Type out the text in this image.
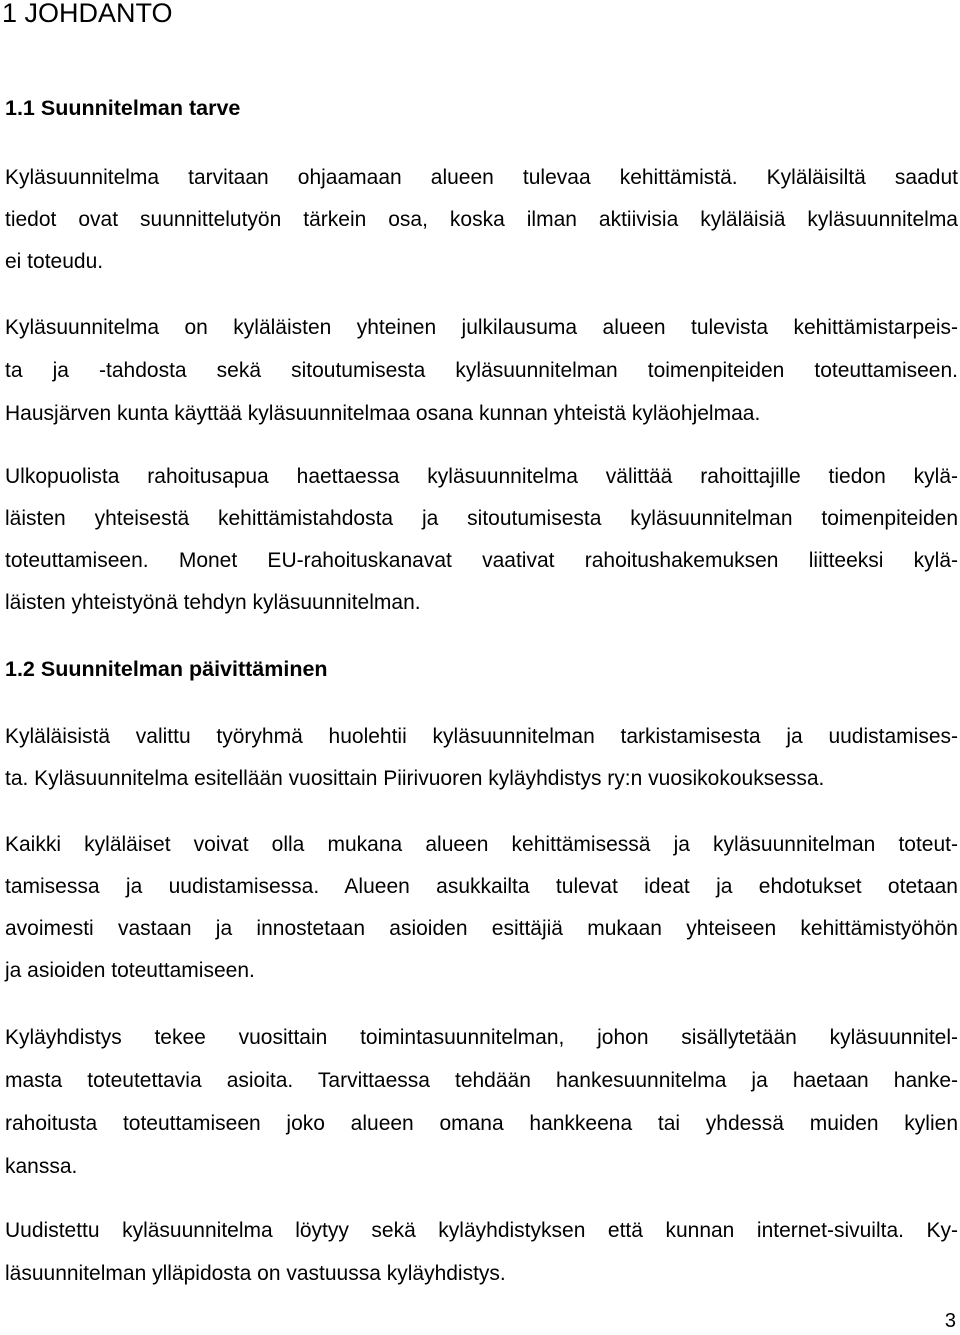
1 JOHDANTO
1.1 Suunnitelman tarve

Kyläsuunnitelma tarvitaan ohjaamaan alueen tulevaa kehittämistä. Kyläläisiltä saadut
tiedot ovat suunnittelutyön tärkein osa, koska ilman aktiivisia kyläläisiä kyläsuunnitelma
ei toteudu.

Kyläsuunnitelma on kyläläisten yhteinen julkilausuma alueen tulevista kehittämistarpeis-
ta ja -tahdosta sekä sitoutumisesta kyläsuunnitelman toimenpiteiden toteuttamiseen.
Hausjärven kunta käyttää kyläsuunnitelmaa osana kunnan yhteistä kyläohjelmaa.

Ulkopuolista rahoitusapua haettaessa kyläsuunnitelma välittää rahoittajille tiedon kylä-
läisten yhteisestä kehittämistahdosta ja sitoutumisesta kyläsuunnitelman toimenpiteiden
toteuttamiseen. Monet EU-rahoituskanavat vaativat rahoitushakemuksen liitteeksi kylä-
läisten yhteistyönä tehdyn kyläsuunnitelman.

1.2 Suunnitelman päivittäminen

Kyläläisistä valittu työryhmä huolehtii kyläsuunnitelman tarkistamisesta ja uudistamises-
ta. Kyläsuunnitelma esitellään vuosittain Piirivuoren kyläyhdistys ry:n vuosikokouksessa.

Kaikki kyläläiset voivat olla mukana alueen kehittämisessä ja kyläsuunnitelman toteut-
tamisessa ja uudistamisessa. Alueen asukkailta tulevat ideat ja ehdotukset otetaan
avoimesti vastaan ja innostetaan asioiden esittäjiä mukaan yhteiseen kehittämistyöhön
ja asioiden toteuttamiseen.

Kyläyhdistys tekee vuosittain toimintasuunnitelman, johon sisällytetään kyläsuunnitel-
masta toteutettavia asioita. Tarvittaessa tehdään hankesuunnitelma ja haetaan hanke-
rahoitusta toteuttamiseen joko alueen omana hankkeena tai yhdessä muiden kylien
kanssa.

Uudistettu kyläsuunnitelma löytyy sekä kyläyhdistyksen että kunnan internet-sivuilta. Ky-
läsuunnitelman ylläpidosta on vastuussa kyläyhdistys.

3
